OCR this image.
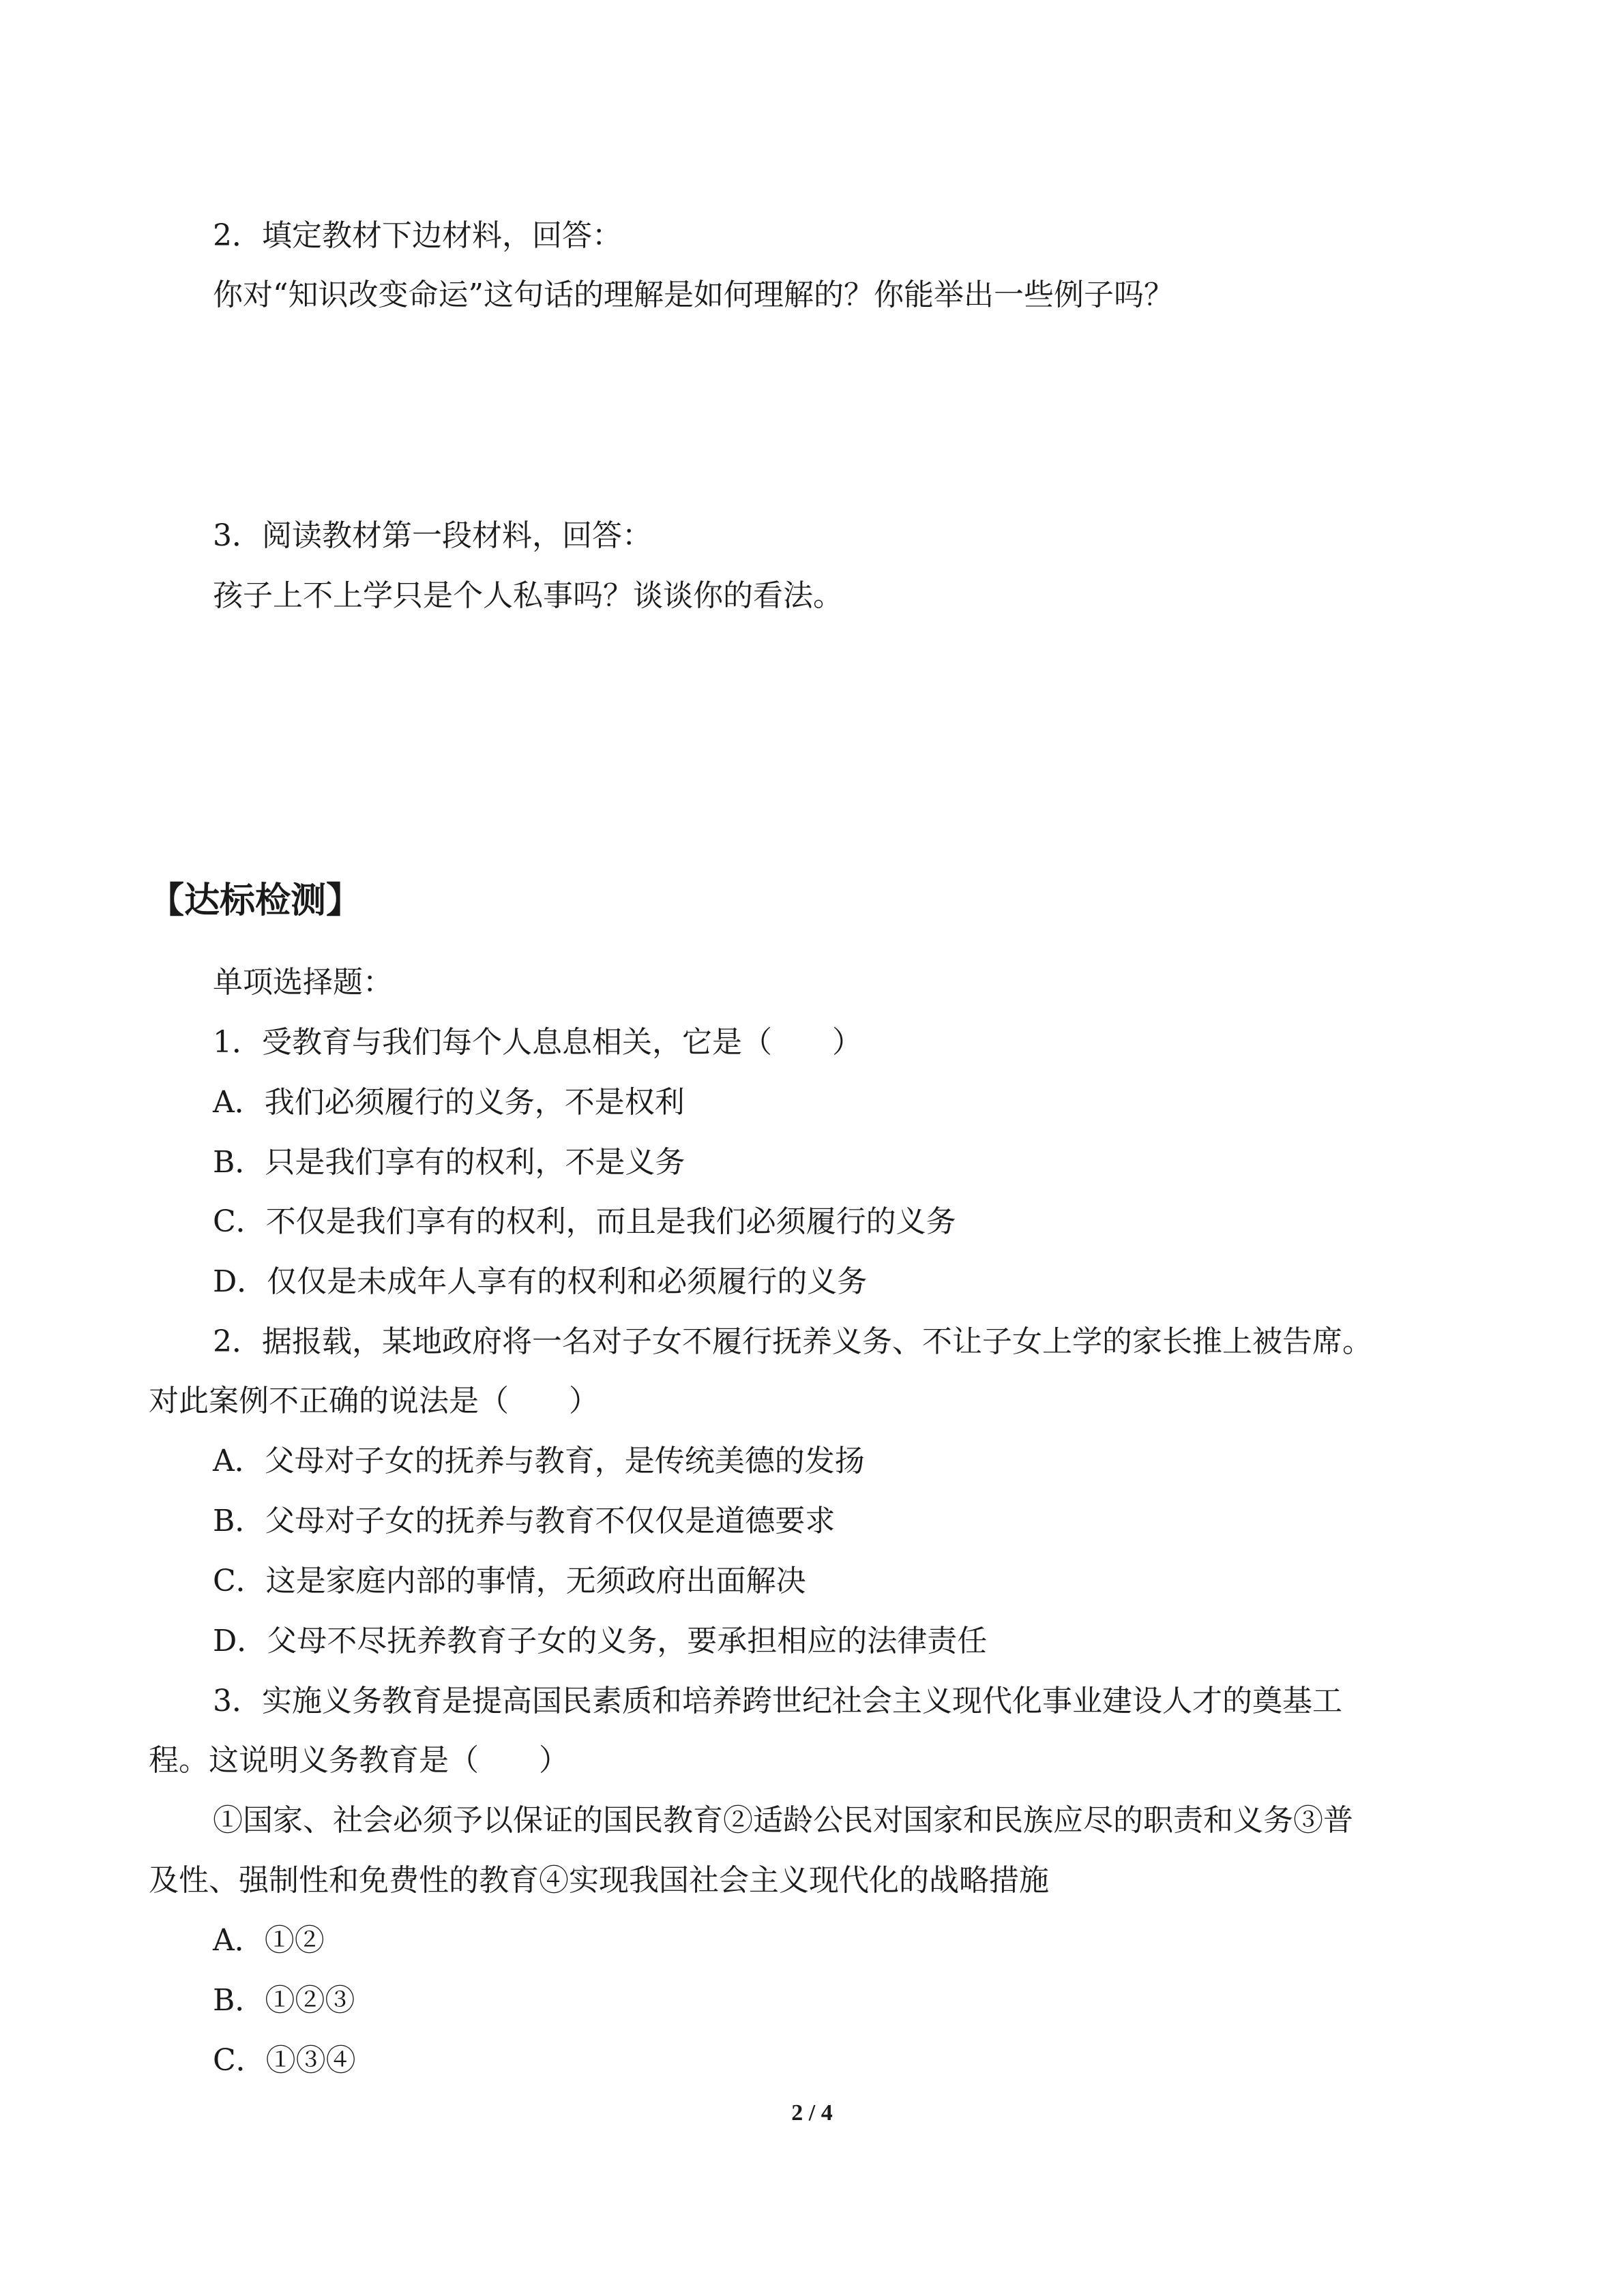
2．填定教材下边材料，回答：

你对“知识改变命运”这句话的理解是如何理解的？你能举出一些例子吗？

3．阅读教材第一段材料，回答：

孩子上不上学只是个人私事吗？谈谈你的看法。

【达标检测】

单项选择题：

1．受教育与我们每个人息息相关，它是（　　）

A．我们必须履行的义务，不是权利

B．只是我们享有的权利，不是义务

C．不仅是我们享有的权利，而且是我们必须履行的义务

D．仅仅是未成年人享有的权利和必须履行的义务

2．据报载，某地政府将一名对子女不履行抚养义务、不让子女上学的家长推上被告席。

对此案例不正确的说法是（　　）

A．父母对子女的抚养与教育，是传统美德的发扬

B．父母对子女的抚养与教育不仅仅是道德要求

C．这是家庭内部的事情，无须政府出面解决

D．父母不尽抚养教育子女的义务，要承担相应的法律责任

3．实施义务教育是提高国民素质和培养跨世纪社会主义现代化事业建设人才的奠基工

程。这说明义务教育是（　　）

①国家、社会必须予以保证的国民教育②适龄公民对国家和民族应尽的职责和义务③普

及性、强制性和免费性的教育④实现我国社会主义现代化的战略措施

A．①②

B．①②③

C．①③④

2 / 4
